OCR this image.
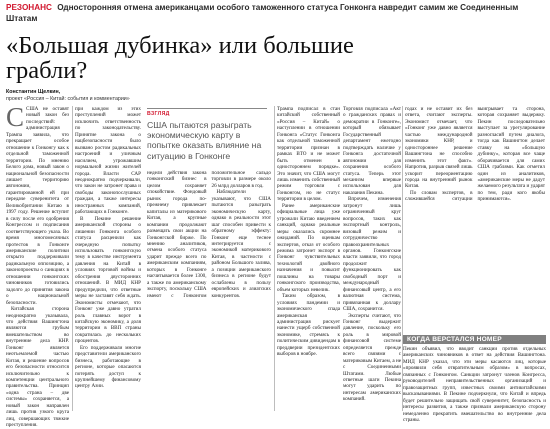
РЕЗОНАНС Односторонняя отмена американцами особого таможенного статуса Гонконга навредит самим же Соединенным Штатам
«Большая дубинка» или большие грабли?
Константин Щелкин,
проект «Россия – Китай: события и комментарии»
С США не оставят новый закон без последствий: администрация Трампа заявила, что прекращает особое отношение к Гонконгу как к отдельной таможенной территории. По мнению Белого дома, новый закон о национальной безопасности лишает территорию автономии, гарантированной ей при передаче суверенитета от Великобритании Китаю в 1997 году. Решение вступит в силу после его одобрения Конгрессом и подписания соответствующего указа. Во время многомесячных протестов в Гонконге американские политики открыто поддерживали радикальную оппозицию, а законопроекты о санкциях в отношении гонконгских чиновников готовились задолго до принятия закона о национальной безопасности.

Китайская сторона неоднократно указывала, что действия Вашингтона являются грубым вмешательством во внутренние дела КНР. Гонконг является неотъемлемой частью Китая, и решение вопросов его безопасности относится исключительно к компетенции центрального правительства. Принцип «одна страна – две системы» сохраняется, а новый закон направлен лишь против узкого круга лиц, совершающих тяжкие преступления.

при каждом из этих преступлений может исключить ответственность по законодательству. Принятие закона о нацбезопасности было вызвано ростом радикальных настроений и уличным насилием, угрожавшим нормальной жизни жителей города. Власти САР неоднократно подчеркивали, что закон не затронет права и свободы законопослушных граждан, а также интересы иностранных компаний, работающих в Гонконге.

В Пекине решение американской стороны о лишении Гонконга особого статуса расценили как очередную попытку использовать гонконгскую тему в качестве инструмента давления на Китай в условиях торговой войны и обострения двусторонних отношений. В МИД КНР предупредили, что ответные меры не заставят себя ждать. Экономисты отмечают, что Гонконг уже давно утратил роль главных ворот в китайскую экономику, а доля территории в ВВП страны сократилась до нескольких процентов.

Его поддерживали многие представители американского бизнеса, работающие в регионе, которые опасаются потерять доступ к крупнейшему финансовому центру Азии.

ВЗГЛЯД
США пытаются разыграть экономическую карту в попытке оказать влияние на ситуацию в Гонконге

недели действия закона гонконгский бизнес в целом сохраняет спокойствие. Фондовый рынок города по-прежнему привлекает капиталы из материкового Китая, а крупные компании продолжают размещать свои акции на Гонконгской бирже. По мнению аналитиков, отмена особого статуса ударит прежде всего по американским компаниям, которых в Гонконге насчитывается более 1300, а также по американскому экспорту, поскольку США имеют с Гонконгом положительное сальдо торговли в размере около 26 млрд долларов в год.

Наблюдатели указывают, что США пытаются разыграть экономическую карту, однако в реальности этот шаг способен привести к обратному эффекту: Гонконг еще теснее интегрируется с экономикой материкового Китая, в частности с районом Большого залива, а позиции американского бизнеса в регионе будут ослаблены в пользу европейских и азиатских конкурентов.

Трампа подписал в стан китайский собственный «Россия – Китай» о наступлении в отношении Гонконга «Статус Гонконга как отдельной таможенной территории признан в рамках ВТО и не может быть отменен в одностороннем порядке». Это значит, что США могут лишь изменить собственный режим торговли с Гонконгом, но не статус территории в целом.

Ранее американские официальные лица уже угрожали Китаю введением санкций, однако реальные меры оказались скромнее ожиданий. По оценкам экспертов, отказ от особого режима затронет экспорт в Гонконг чувствительных технологий двойного назначения и повысит пошлины на товары гонконгского производства, объем которых невелик.

Таким образом, в условиях пандемии и экономического спада американская администрация рискует нанести ущерб собственной экономике, стремясь к политическим дивидендам в преддверии президентских выборов в ноябре.

Торговля подписала «Акт о гражданских правах и демократии в Гонконге», который обязывает Государственный департамент ежегодно подтверждать наличие у Гонконга достаточной автономии для сохранения особого статуса. Теперь этот механизм впервые использован для наказания Пекина.

Впрочем, изменения затронут лишь ограниченный круг вопросов, таких как экспортный контроль, визовый режим и сотрудничество правоохранительных органов. Гонконгские власти заявили, что город продолжит функционировать как свободный порт и международный финансовый центр, а его валютная система, привязанная к доллару США, сохранится.

Эксперты считают, что Гонконг выдержит давление, поскольку его роль в мировой финансовой системе определяется прежде всего связями с материковым Китаем, а не с Соединенными Штатами. Любые ответные шаги Пекина могут ударить по интересам американских компаний.

годах и не оставит их без ответа, считают эксперты. Экономист отмечает, что «Гонконг уже давно является частью международной экономики КНР, и одностороннее решение Вашингтона не способно изменить этот факт». Напротив, разрыв связей лишь ускорит переориентацию города на внутренний рынок Китая.

По словам экспертов, в сложившейся ситуации выигрывает та сторона, которая сохраняет выдержку. Пекин последовательно выступает за урегулирование разногласий путем диалога, тогда как Вашингтон делает ставку на «большую дубинку», которая все чаще оборачивается для самих США граблями. Как отметил один из аналитиков, «американские меры не дадут желаемого результата и ударят по тем, ради кого якобы принимаются».

КОГДА ВЕРСТАЛСЯ НОМЕР
Пекин объявил, что вводит санкции против отдельных американских чиновников в ответ на действия Вашингтона. МИД КНР указал, что эти меры касаются лиц, которые «проявили себя отвратительным образом» в вопросах, связанных с Гонконгом. Санкции затронут членов Конгресса, руководителей неправительственных организаций и правозащитных групп, известных своими антикитайскими высказываниями. В Пекине подчеркнули, что Китай и впредь будет решительно защищать свой суверенитет, безопасность и интересы развития, а также призвали американскую сторону немедленно прекратить вмешательство во внутренние дела страны.
